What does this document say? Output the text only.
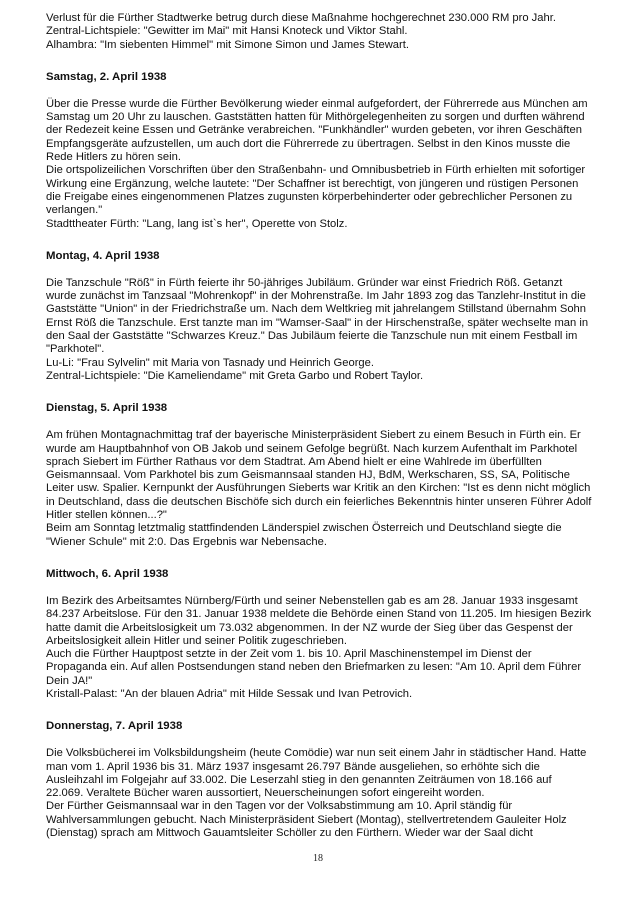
Verlust für die Fürther Stadtwerke betrug durch diese Maßnahme hochgerechnet 230.000 RM pro Jahr.

Zentral-Lichtspiele: "Gewitter im Mai" mit Hansi Knoteck und Viktor Stahl.

Alhambra: "Im siebenten Himmel" mit Simone Simon und James Stewart.

Samstag, 2. April 1938

Über die Presse wurde die Fürther Bevölkerung wieder einmal aufgefordert, der Führerrede aus München am Samstag um 20 Uhr zu lauschen. Gaststätten hatten für Mithörgelegenheiten zu sorgen und durften während der Redezeit keine Essen und Getränke verabreichen. "Funkhändler" wurden gebeten, vor ihren Geschäften Empfangsgeräte aufzustellen, um auch dort die Führerrede zu übertragen. Selbst in den Kinos musste die Rede Hitlers zu hören sein.

Die ortspolizeilichen Vorschriften über den Straßenbahn- und Omnibusbetrieb in Fürth erhielten mit sofortiger Wirkung eine Ergänzung, welche lautete: "Der Schaffner ist berechtigt, von jüngeren und rüstigen Personen die Freigabe eines eingenommenen Platzes zugunsten körperbehinderter oder gebrechlicher Personen zu verlangen."

Stadttheater Fürth: "Lang, lang ist`s her", Operette von Stolz.

Montag, 4. April 1938

Die Tanzschule "Röß" in Fürth feierte ihr 50-jähriges Jubiläum. Gründer war einst Friedrich Röß. Getanzt wurde zunächst im Tanzsaal "Mohrenkopf" in der Mohrenstraße. Im Jahr 1893 zog das Tanzlehr-Institut in die Gaststätte "Union" in der Friedrichstraße um. Nach dem Weltkrieg mit jahrelangem Stillstand übernahm Sohn Ernst Röß die Tanzschule. Erst tanzte man im "Wamser-Saal" in der Hirschenstraße, später wechselte man in den Saal der Gaststätte "Schwarzes Kreuz." Das Jubiläum feierte die Tanzschule nun mit einem Festball im "Parkhotel".

Lu-Li: "Frau Sylvelin" mit Maria von Tasnady und Heinrich George.

Zentral-Lichtspiele: "Die Kameliendame" mit Greta Garbo und Robert Taylor.

Dienstag, 5. April 1938

Am frühen Montagnachmittag traf der bayerische Ministerpräsident Siebert zu einem Besuch in Fürth ein. Er wurde am Hauptbahnhof von OB Jakob und seinem Gefolge begrüßt. Nach kurzem Aufenthalt im Parkhotel sprach Siebert im Fürther Rathaus vor dem Stadtrat. Am Abend hielt er eine Wahlrede im überfüllten Geismannsaal. Vom Parkhotel bis zum Geismannsaal standen HJ, BdM, Werkscharen, SS, SA, Politische Leiter usw. Spalier. Kernpunkt der Ausführungen Sieberts war Kritik an den Kirchen: "Ist es denn nicht möglich in Deutschland, dass die deutschen Bischöfe sich durch ein feierliches Bekenntnis hinter unseren Führer Adolf Hitler stellen können...?"

Beim am Sonntag letztmalig stattfindenden Länderspiel zwischen Österreich und Deutschland siegte die "Wiener Schule" mit 2:0. Das Ergebnis war Nebensache.

Mittwoch, 6. April 1938

Im Bezirk des Arbeitsamtes Nürnberg/Fürth und seiner Nebenstellen gab es am 28. Januar 1933 insgesamt 84.237 Arbeitslose. Für den 31. Januar 1938 meldete die Behörde einen Stand von 11.205. Im hiesigen Bezirk hatte damit die Arbeitslosigkeit um 73.032 abgenommen. In der NZ wurde der Sieg über das Gespenst der Arbeitslosigkeit allein Hitler und seiner Politik zugeschrieben.

Auch die Fürther Hauptpost setzte in der Zeit vom 1. bis 10. April Maschinenstempel im Dienst der Propaganda ein. Auf allen Postsendungen stand neben den Briefmarken zu lesen: "Am 10. April dem Führer Dein JA!"

Kristall-Palast: "An der blauen Adria" mit Hilde Sessak und Ivan Petrovich.

Donnerstag, 7. April 1938

Die Volksbücherei im Volksbildungsheim (heute Comödie) war nun seit einem Jahr in städtischer Hand. Hatte man vom 1. April 1936 bis 31. März 1937 insgesamt 26.797 Bände ausgeliehen, so erhöhte sich die Ausleihzahl im Folgejahr auf 33.002. Die Leserzahl stieg in den genannten Zeiträumen von 18.166 auf 22.069. Veraltete Bücher waren aussortiert, Neuerscheinungen sofort eingereiht worden.

Der Fürther Geismannsaal war in den Tagen vor der Volksabstimmung am 10. April ständig für Wahlversammlungen gebucht. Nach Ministerpräsident Siebert (Montag), stellvertretendem Gauleiter Holz (Dienstag) sprach am Mittwoch Gauamtsleiter Schöller zu den Fürthern. Wieder war der Saal dicht

18
